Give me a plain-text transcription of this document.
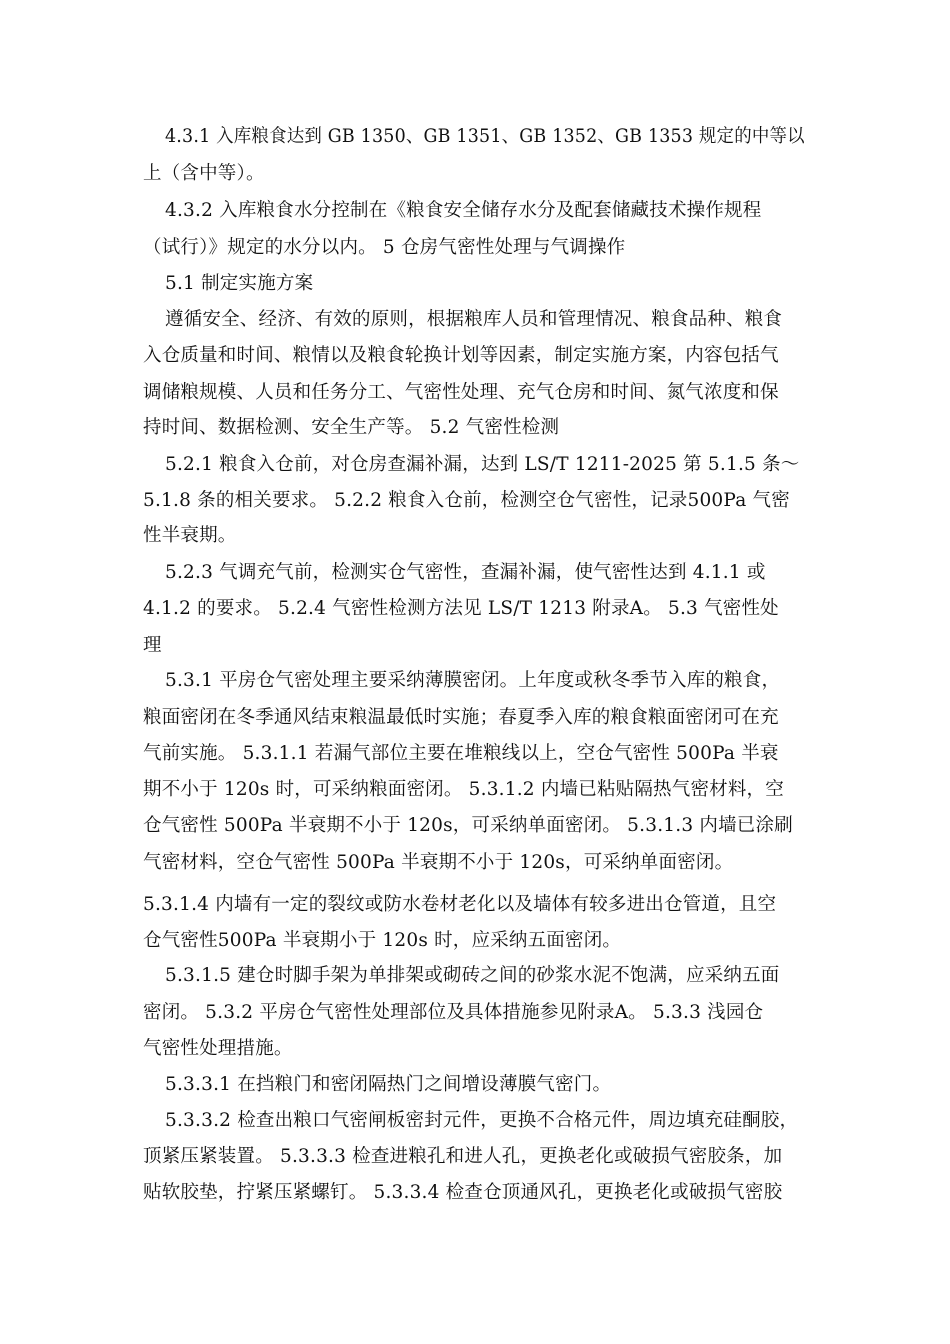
4.3.1 入库粮食达到 GB 1350、GB 1351、GB 1352、GB 1353 规定的中等以
上（含中等）。
4.3.2 入库粮食水分控制在《粮食安全储存水分及配套储藏技术操作规程
（试行）》规定的水分以内。 5 仓房气密性处理与气调操作
5.1 制定实施方案
遵循安全、经济、有效的原则，根据粮库人员和管理情况、粮食品种、粮食
入仓质量和时间、粮情以及粮食轮换计划等因素，制定实施方案，内容包括气
调储粮规模、人员和任务分工、气密性处理、充气仓房和时间、氮气浓度和保
持时间、数据检测、安全生产等。 5.2 气密性检测
5.2.1 粮食入仓前，对仓房查漏补漏，达到 LS/T 1211-2025 第 5.1.5 条～
5.1.8 条的相关要求。 5.2.2 粮食入仓前，检测空仓气密性，记录500Pa 气密
性半衰期。
5.2.3 气调充气前，检测实仓气密性，查漏补漏，使气密性达到 4.1.1 或
4.1.2 的要求。 5.2.4 气密性检测方法见 LS/T 1213 附录A。 5.3 气密性处
理
5.3.1 平房仓气密处理主要采纳薄膜密闭。上年度或秋冬季节入库的粮食，
粮面密闭在冬季通风结束粮温最低时实施；春夏季入库的粮食粮面密闭可在充
气前实施。 5.3.1.1 若漏气部位主要在堆粮线以上，空仓气密性 500Pa 半衰
期不小于 120s 时，可采纳粮面密闭。 5.3.1.2 内墙已粘贴隔热气密材料，空
仓气密性 500Pa 半衰期不小于 120s，可采纳单面密闭。 5.3.1.3 内墙已涂刷
气密材料，空仓气密性 500Pa 半衰期不小于 120s，可采纳单面密闭。
5.3.1.4 内墙有一定的裂纹或防水卷材老化以及墙体有较多进出仓管道，且空
仓气密性500Pa 半衰期小于 120s 时，应采纳五面密闭。
5.3.1.5 建仓时脚手架为单排架或砌砖之间的砂浆水泥不饱满，应采纳五面
密闭。 5.3.2 平房仓气密性处理部位及具体措施参见附录A。 5.3.3 浅园仓
气密性处理措施。
5.3.3.1 在挡粮门和密闭隔热门之间增设薄膜气密门。
5.3.3.2 检查出粮口气密闸板密封元件，更换不合格元件，周边填充硅酮胶，
顶紧压紧装置。 5.3.3.3 检查进粮孔和进人孔，更换老化或破损气密胶条，加
贴软胶垫，拧紧压紧螺钉。 5.3.3.4 检查仓顶通风孔，更换老化或破损气密胶
